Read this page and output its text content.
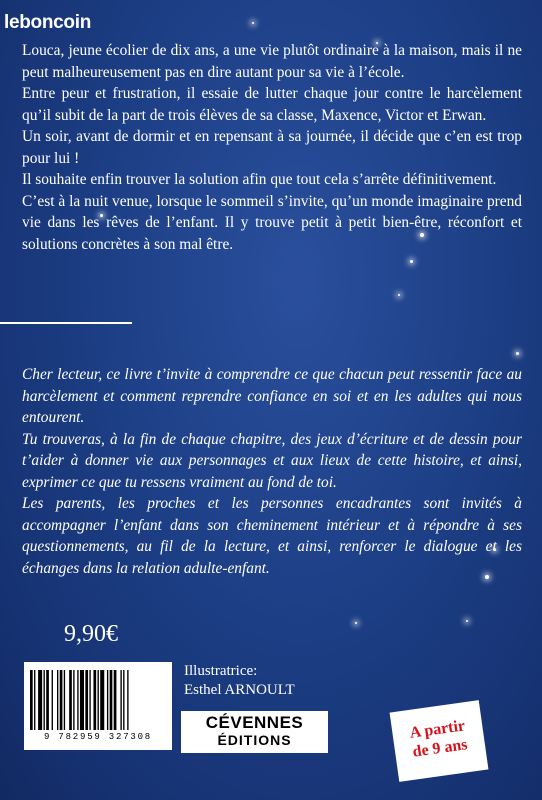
leboncoin

Louca, jeune écolier de dix ans, a une vie plutôt ordinaire à la maison, mais il ne peut malheureusement pas en dire autant pour sa vie à l’école.

Entre peur et frustration, il essaie de lutter chaque jour contre le harcèlement qu’il subit de la part de trois élèves de sa classe, Maxence, Victor et Erwan.

Un soir, avant de dormir et en repensant à sa journée, il décide que c’en est trop pour lui !

Il souhaite enfin trouver la solution afin que tout cela s’arrête définitivement.

C’est à la nuit venue, lorsque le sommeil s’invite, qu’un monde imaginaire prend vie dans les rêves de l’enfant. Il y trouve petit à petit bien-être, réconfort et solutions concrètes à son mal être.

Cher lecteur, ce livre t’invite à comprendre ce que chacun peut ressentir face au harcèlement et comment reprendre confiance en soi et en les adultes qui nous entourent.

Tu trouveras, à la fin de chaque chapitre, des jeux d’écriture et de dessin pour t’aider à donner vie aux personnages et aux lieux de cette histoire, et ainsi, exprimer ce que tu ressens vraiment au fond de toi.

Les parents, les proches et les personnes encadrantes sont invités à accompagner l’enfant dans son cheminement intérieur et à répondre à ses questionnements, au fil de la lecture, et ainsi, renforcer le dialogue et les échanges dans la relation adulte-enfant.

9,90€
9 782959 327308
Illustratrice:
Esthel ARNOULT
CÉVENNES
ÉDITIONS	A partir
de 9 ans
